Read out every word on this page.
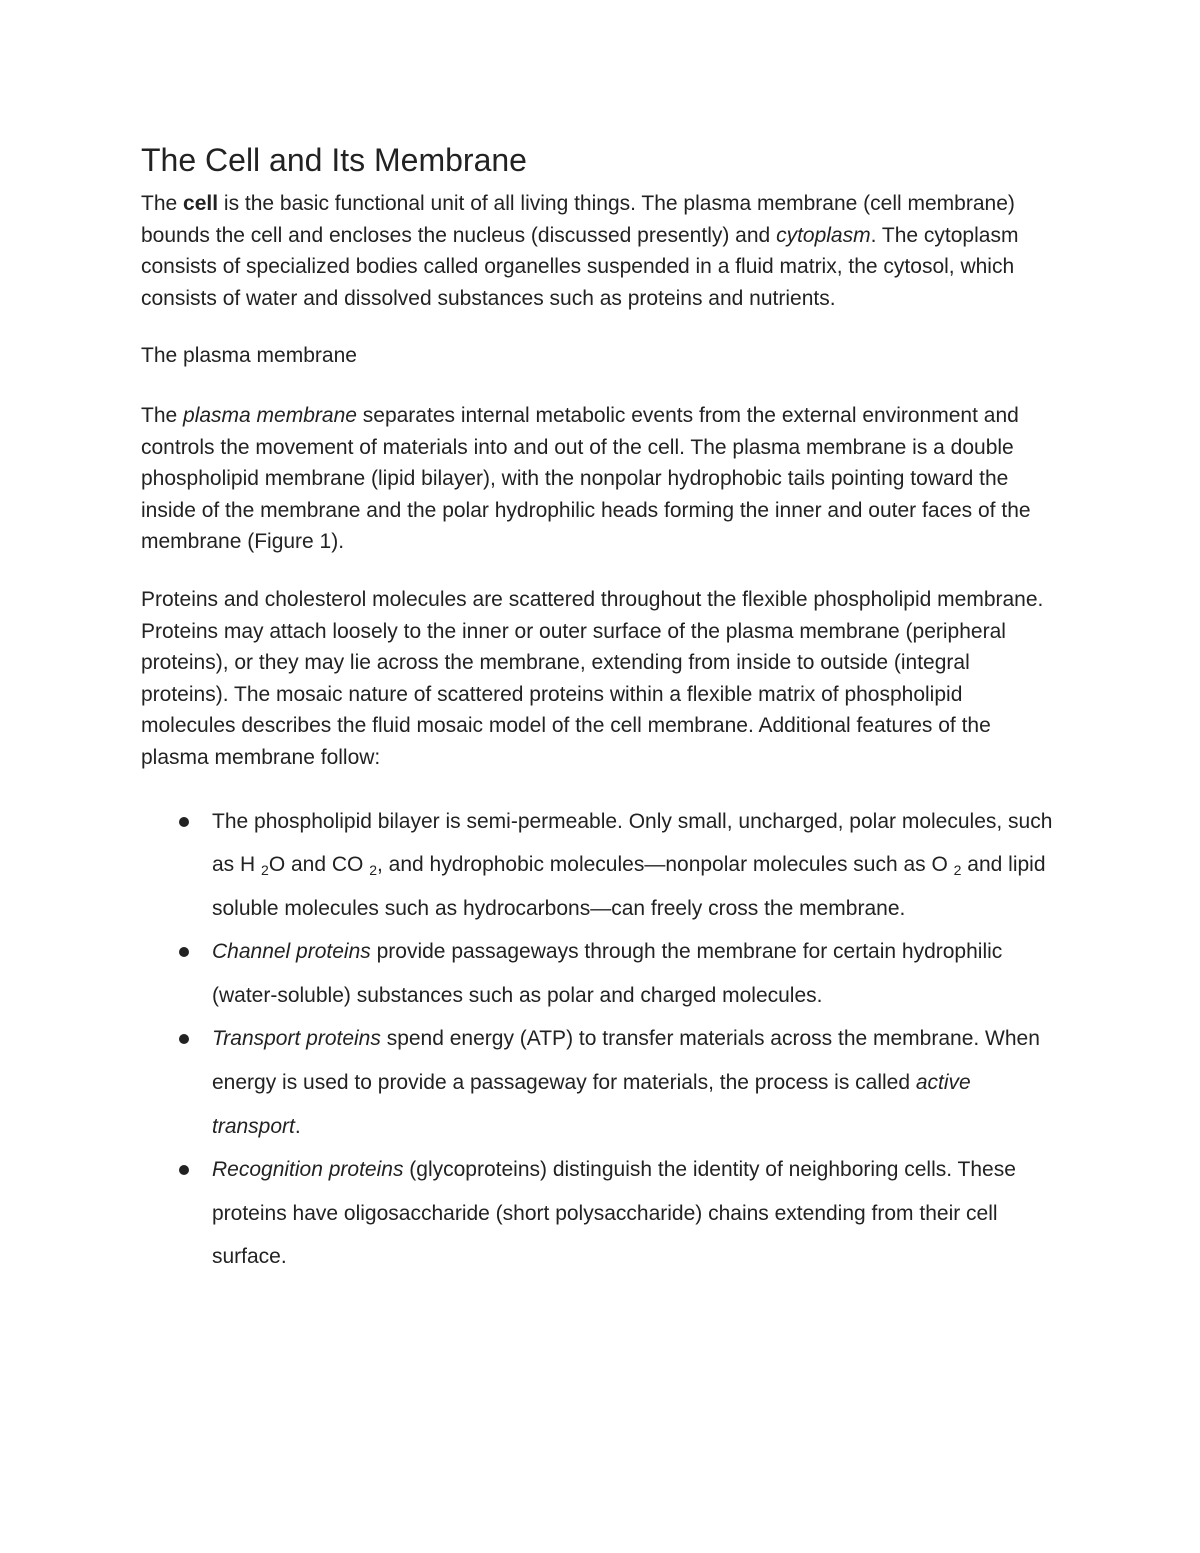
The Cell and Its Membrane

The cell is the basic functional unit of all living things. The plasma membrane (cell membrane) bounds the cell and encloses the nucleus (discussed presently) and cytoplasm. The cytoplasm consists of specialized bodies called organelles suspended in a fluid matrix, the cytosol, which consists of water and dissolved substances such as proteins and nutrients.

The plasma membrane

The plasma membrane separates internal metabolic events from the external environment and controls the movement of materials into and out of the cell. The plasma membrane is a double phospholipid membrane (lipid bilayer), with the nonpolar hydrophobic tails pointing toward the inside of the membrane and the polar hydrophilic heads forming the inner and outer faces of the membrane (Figure 1).

Proteins and cholesterol molecules are scattered throughout the flexible phospholipid membrane. Proteins may attach loosely to the inner or outer surface of the plasma membrane (peripheral proteins), or they may lie across the membrane, extending from inside to outside (integral proteins). The mosaic nature of scattered proteins within a flexible matrix of phospholipid molecules describes the fluid mosaic model of the cell membrane. Additional features of the plasma membrane follow:

The phospholipid bilayer is semi-permeable. Only small, uncharged, polar molecules, such as H $_2$O and CO $_2$, and hydrophobic molecules—nonpolar molecules such as O $_2$ and lipid soluble molecules such as hydrocarbons—can freely cross the membrane.
Channel proteins provide passageways through the membrane for certain hydrophilic (water-soluble) substances such as polar and charged molecules.
Transport proteins spend energy (ATP) to transfer materials across the membrane. When energy is used to provide a passageway for materials, the process is called active transport.
Recognition proteins (glycoproteins) distinguish the identity of neighboring cells. These proteins have oligosaccharide (short polysaccharide) chains extending from their cell surface.
